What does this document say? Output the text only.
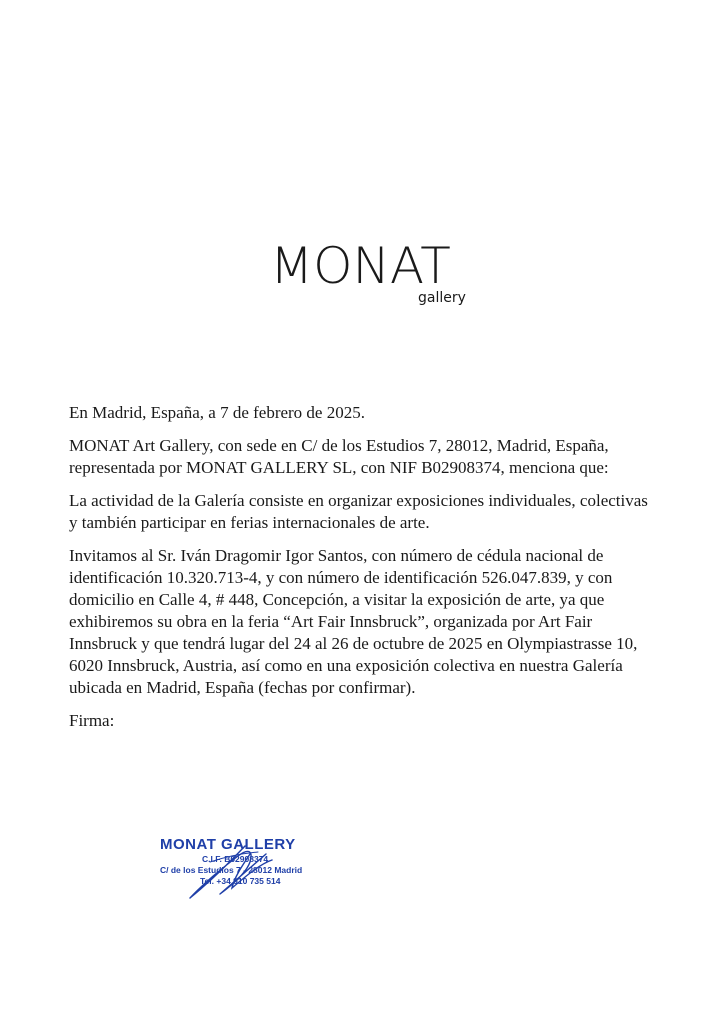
MONAT
gallery

En Madrid, España, a 7 de febrero de 2025.

MONAT Art Gallery, con sede en C/ de los Estudios 7, 28012, Madrid, España, representada por MONAT GALLERY SL, con NIF B02908374, menciona que:

La actividad de la Galería consiste en organizar exposiciones individuales, colectivas y también participar en ferias internacionales de arte.

Invitamos al Sr. Iván Dragomir Igor Santos, con número de cédula nacional de identificación 10.320.713-4, y con número de identificación 526.047.839, y con domicilio en Calle 4, # 448, Concepción, a visitar la exposición de arte, ya que exhibiremos su obra en la feria “Art Fair Innsbruck”, organizada por Art Fair Innsbruck y que tendrá lugar del 24 al 26 de octubre de 2025 en Olympiastrasse 10, 6020 Innsbruck, Austria, así como en una exposición colectiva en nuestra Galería ubicada en Madrid, España (fechas por confirmar).

Firma:

MONAT GALLERY
C.I.F. B02908374
C/ de los Estudios 7 - 28012 Madrid
Tel. +34 910 735 514
